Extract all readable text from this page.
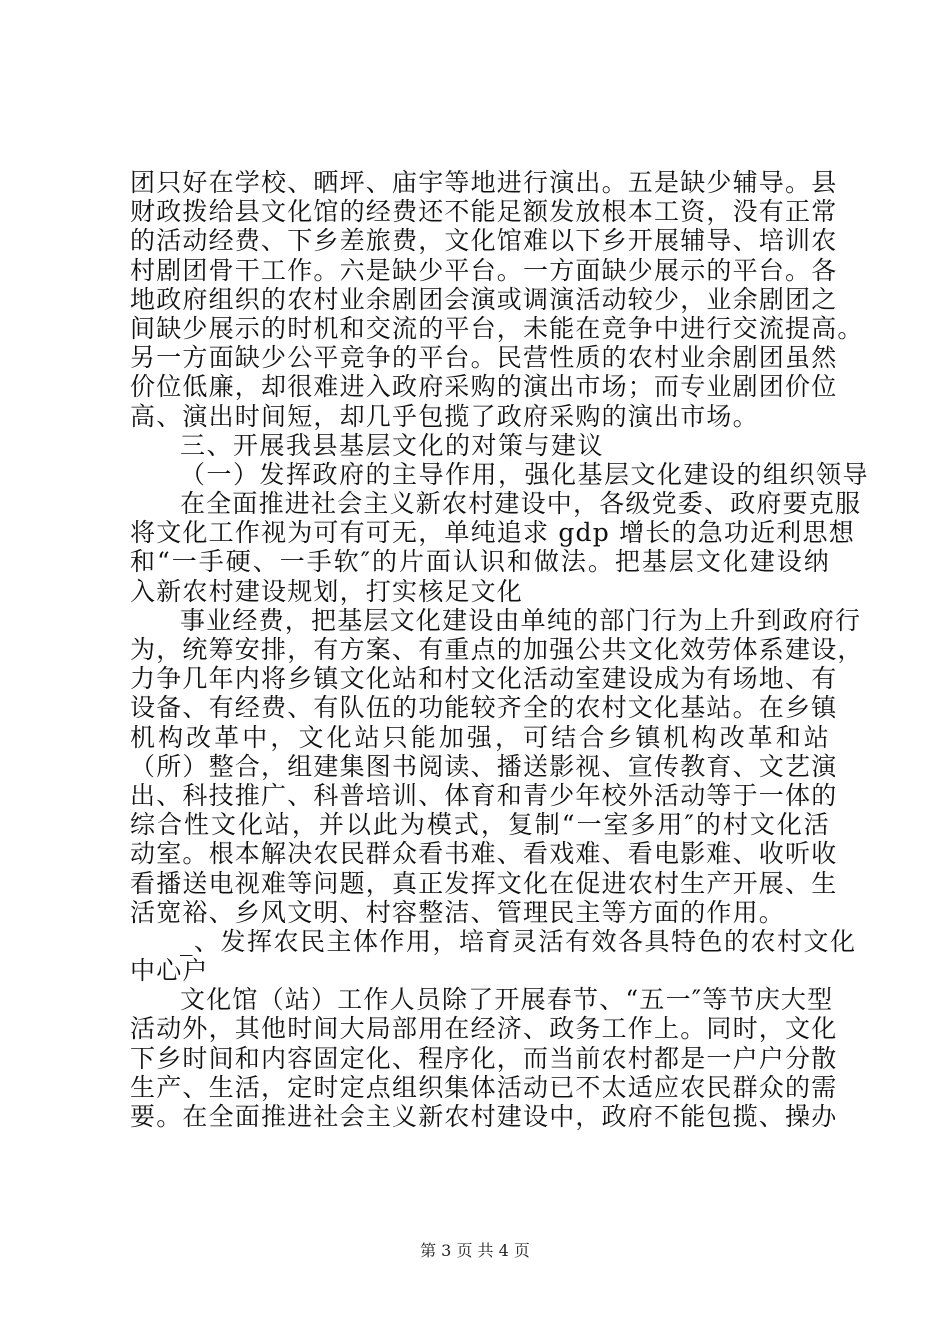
团只好在学校、晒坪、庙宇等地进行演出。五是缺少辅导。县
财政拨给县文化馆的经费还不能足额发放根本工资，没有正常
的活动经费、下乡差旅费，文化馆难以下乡开展辅导、培训农
村剧团骨干工作。六是缺少平台。一方面缺少展示的平台。各
地政府组织的农村业余剧团会演或调演活动较少，业余剧团之
间缺少展示的时机和交流的平台，未能在竞争中进行交流提高。
另一方面缺少公平竞争的平台。民营性质的农村业余剧团虽然
价位低廉，却很难进入政府采购的演出市场；而专业剧团价位
高、演出时间短，却几乎包揽了政府采购的演出市场。
三、开展我县基层文化的对策与建议
（一）发挥政府的主导作用，强化基层文化建设的组织领导
在全面推进社会主义新农村建设中，各级党委、政府要克服
将文化工作视为可有可无，单纯追求 gdp 增长的急功近利思想
和“一手硬、一手软″的片面认识和做法。把基层文化建设纳
入新农村建设规划，打实核足文化
事业经费，把基层文化建设由单纯的部门行为上升到政府行
为，统筹安排，有方案、有重点的加强公共文化效劳体系建设，
力争几年内将乡镇文化站和村文化活动室建设成为有场地、有
设备、有经费、有队伍的功能较齐全的农村文化基站。在乡镇
机构改革中，文化站只能加强，可结合乡镇机构改革和站
（所）整合，组建集图书阅读、播送影视、宣传教育、文艺演
出、科技推广、科普培训、体育和青少年校外活动等于一体的
综合性文化站，并以此为模式，复制“一室多用″的村文化活
动室。根本解决农民群众看书难、看戏难、看电影难、收听收
看播送电视难等问题，真正发挥文化在促进农村生产开展、生
活宽裕、乡风文明、村容整洁、管理民主等方面的作用。
_、发挥农民主体作用，培育灵活有效各具特色的农村文化
中心户
文化馆（站）工作人员除了开展春节、“五一″等节庆大型
活动外，其他时间大局部用在经济、政务工作上。同时，文化
下乡时间和内容固定化、程序化，而当前农村都是一户户分散
生产、生活，定时定点组织集体活动已不太适应农民群众的需
要。在全面推进社会主义新农村建设中，政府不能包揽、操办
第 3 页 共 4 页
